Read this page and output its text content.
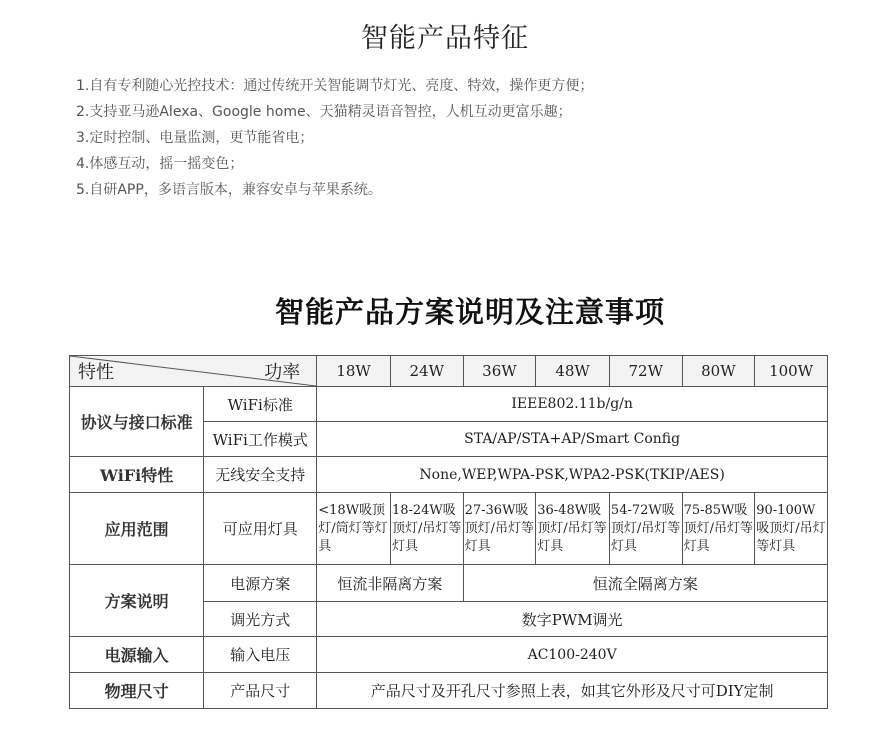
智能产品特征
1.自有专利随心光控技术：通过传统开关智能调节灯光、亮度、特效，操作更方便；
2.支持亚马逊Alexa、Google home、天猫精灵语音智控，人机互动更富乐趣；
3.定时控制、电量监测，更节能省电；
4.体感互动，摇一摇变色；
5.自研APP，多语言版本，兼容安卓与苹果系统。
智能产品方案说明及注意事项
特性 功率		18W	24W	36W	48W	72W	80W	100W
协议与接口标准	WiFi标准	IEEE802.11b/g/n						
	WiFi工作模式	STA/AP/STA+AP/Smart Config						
WiFi特性	无线安全支持	None,WEP,WPA-PSK,WPA2-PSK(TKIP/AES)						
应用范围	可应用灯具	<18W吸顶灯/筒灯等灯具	18-24W吸顶灯/吊灯等灯具	27-36W吸顶灯/吊灯等灯具	36-48W吸顶灯/吊灯等灯具	54-72W吸顶灯/吊灯等灯具	75-85W吸顶灯/吊灯等灯具	90-100W吸顶灯/吊灯等灯具
方案说明	电源方案	恒流非隔离方案		恒流全隔离方案				
	调光方式	数字PWM调光						
电源输入	输入电压	AC100-240V						
物理尺寸	产品尺寸	产品尺寸及开孔尺寸参照上表，如其它外形及尺寸可DIY定制						
